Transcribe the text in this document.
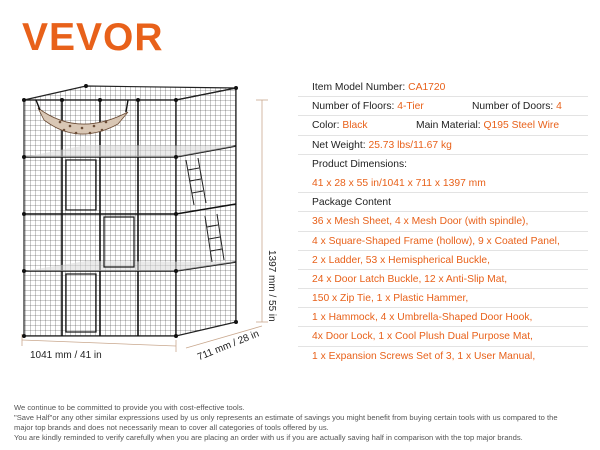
VEVOR
1041 mm / 41 in	711 mm / 28 in
1397 mm / 55 in
Item Model Number: CA1720
Number of Floors: 4-Tier	Number of Doors: 4
Color: Black	Main Material: Q195 Steel Wire
Net Weight: 25.73 lbs/11.67 kg
Product Dimensions:
41 x 28 x 55 in/1041 x 711 x 1397 mm
Package Content
36 x Mesh Sheet, 4 x Mesh Door (with spindle),
4 x Square-Shaped Frame (hollow), 9 x Coated Panel,
2 x Ladder, 53 x Hemispherical Buckle,
24 x Door Latch Buckle, 12 x Anti-Slip Mat,
150 x Zip Tie, 1 x Plastic Hammer,
1 x Hammock, 4 x Umbrella-Shaped Door Hook,
4x Door Lock, 1 x Cool Plush Dual Purpose Mat,
1 x Expansion Screws Set of 3, 1 x User Manual,
We continue to be committed to provide you with cost-effective tools.
"Save Half"or any other similar expressions used by us only represents an estimate of savings you might benefit from buying certain tools with us compared to the
major top brands and does not necessarily mean to cover all categories of tools offered by us.
You are kindly reminded to verify carefully when you are placing an order with us if you are actually saving half in comparison with the top major brands.
